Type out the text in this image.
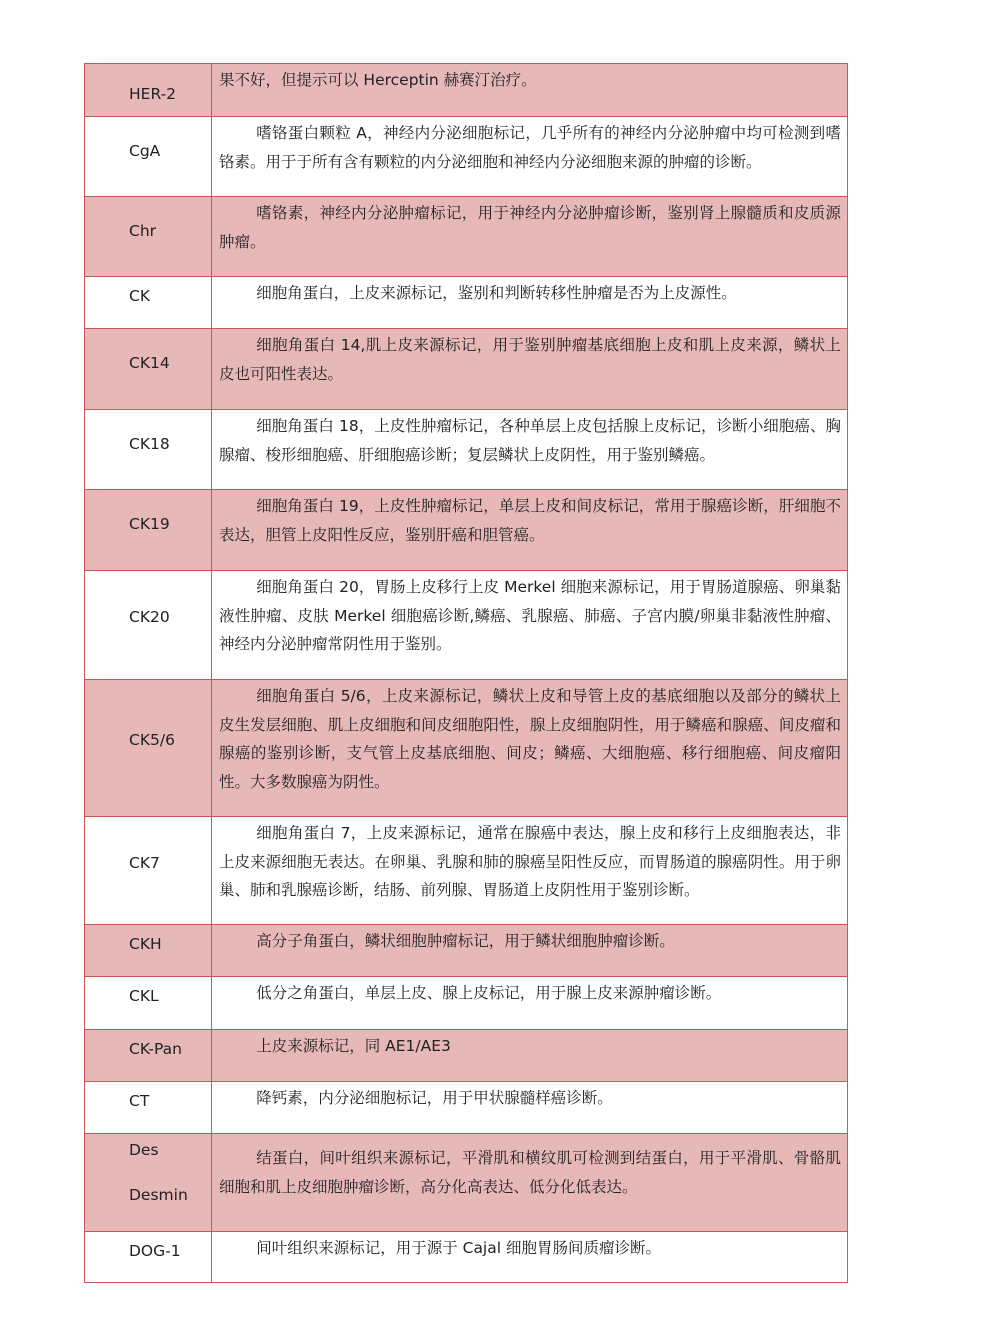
HER-2	果不好，但提示可以 Herceptin 赫赛汀治疗。

CgA	嗜铬蛋白颗粒 A，神经内分泌细胞标记，几乎所有的神经内分泌肿瘤中均可检测到嗜铬素。用于于所有含有颗粒的内分泌细胞和神经内分泌细胞来源的肿瘤的诊断。

Chr	嗜铬素，神经内分泌肿瘤标记，用于神经内分泌肿瘤诊断，鉴别肾上腺髓质和皮质源肿瘤。

CK	细胞角蛋白，上皮来源标记，鉴别和判断转移性肿瘤是否为上皮源性。

CK14	细胞角蛋白 14,肌上皮来源标记，用于鉴别肿瘤基底细胞上皮和肌上皮来源，鳞状上皮也可阳性表达。

CK18	细胞角蛋白 18，上皮性肿瘤标记，各种单层上皮包括腺上皮标记，诊断小细胞癌、胸腺瘤、梭形细胞癌、肝细胞癌诊断；复层鳞状上皮阴性，用于鉴别鳞癌。

CK19	细胞角蛋白 19，上皮性肿瘤标记，单层上皮和间皮标记，常用于腺癌诊断，肝细胞不表达，胆管上皮阳性反应，鉴别肝癌和胆管癌。

CK20	细胞角蛋白 20，胃肠上皮移行上皮 Merkel 细胞来源标记，用于胃肠道腺癌、卵巢黏液性肿瘤、皮肤 Merkel 细胞癌诊断,鳞癌、乳腺癌、肺癌、子宫内膜/卵巢非黏液性肿瘤、神经内分泌肿瘤常阴性用于鉴别。

CK5/6	细胞角蛋白 5/6，上皮来源标记，鳞状上皮和导管上皮的基底细胞以及部分的鳞状上皮生发层细胞、肌上皮细胞和间皮细胞阳性，腺上皮细胞阴性，用于鳞癌和腺癌、间皮瘤和腺癌的鉴别诊断，支气管上皮基底细胞、间皮；鳞癌、大细胞癌、移行细胞癌、间皮瘤阳性。大多数腺癌为阴性。

CK7	细胞角蛋白 7，上皮来源标记，通常在腺癌中表达，腺上皮和移行上皮细胞表达，非上皮来源细胞无表达。在卵巢、乳腺和肺的腺癌呈阳性反应，而胃肠道的腺癌阴性。用于卵巢、肺和乳腺癌诊断，结肠、前列腺、胃肠道上皮阴性用于鉴别诊断。

CKH	高分子角蛋白，鳞状细胞肿瘤标记，用于鳞状细胞肿瘤诊断。

CKL	低分之角蛋白，单层上皮、腺上皮标记，用于腺上皮来源肿瘤诊断。

CK-Pan	上皮来源标记，同 AE1/AE3

CT	降钙素，内分泌细胞标记，用于甲状腺髓样癌诊断。

Des
Desmin	结蛋白，间叶组织来源标记，平滑肌和横纹肌可检测到结蛋白，用于平滑肌、骨骼肌细胞和肌上皮细胞肿瘤诊断，高分化高表达、低分化低表达。

DOG-1	间叶组织来源标记，用于源于 Cajal 细胞胃肠间质瘤诊断。
